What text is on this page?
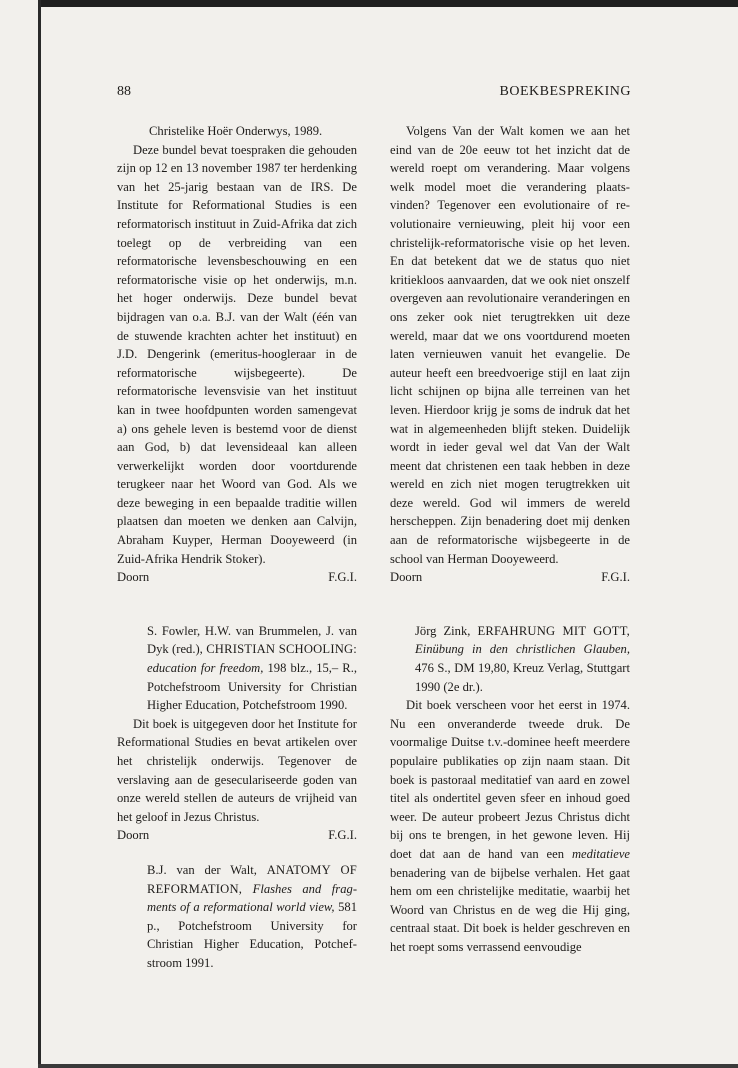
88	BOEKBESPREKING

Christelike Hoër Onderwys, 1989.

Deze bundel bevat toespraken die gehouden zijn op 12 en 13 november 1987 ter herdenking van het 25-jarig bestaan van de IRS. De Institute for Reformational Studies is een reformatorisch instituut in Zuid-Afrika dat zich toelegt op de verbreiding van een reformatorische levensbeschouwing en een reformatorische visie op het onderwijs, m.n. het hoger onderwijs. Deze bundel bevat bijdragen van o.a. B.J. van der Walt (één van de stuwende krachten achter het instituut) en J.D. Dengerink (emeritus-hoogleraar in de reformatorische wijsbegeerte). De reformatorische levensvisie van het instituut kan in twee hoofdpunten worden samengevat a) ons gehele leven is bestemd voor de dienst aan God, b) dat levensideaal kan alleen verwerkelijkt worden door voortdurende terugkeer naar het Woord van God. Als we deze beweging in een bepaalde traditie willen plaatsen dan moeten we denken aan Calvijn, Abraham Kuyper, Herman Dooyeweerd (in Zuid-Afrika Hendrik Stoker).

Doorn	F.G.I.

S. Fowler, H.W. van Brummelen, J. van Dyk (red.), CHRISTIAN SCHOOLING: education for freedom, 198 blz., 15,– R., Potchefstroom University for Christian Higher Education, Potchefstroom 1990.

Dit boek is uitgegeven door het Institute for Reformational Studies en bevat artikelen over het christelijk onderwijs. Tegenover de verslaving aan de geseculariseerde goden van onze wereld stellen de auteurs de vrijheid van het geloof in Jezus Christus.

Doorn	F.G.I.

B.J. van der Walt, ANATOMY OF REFORMATION, Flashes and fragments of a reformational world view, 581 p., Potchefstroom University for Christian Higher Education, Potchefstroom 1991.

Volgens Van der Walt komen we aan het eind van de 20e eeuw tot het inzicht dat de wereld roept om verandering. Maar volgens welk model moet die verandering plaatsvinden? Tegenover een evolutionaire of revolutionaire vernieuwing, pleit hij voor een christelijk-reformatorische visie op het leven. En dat betekent dat we de status quo niet kritiekloos aanvaarden, dat we ook niet onszelf overgeven aan revolutionaire veranderingen en ons zeker ook niet terugtrekken uit deze wereld, maar dat we ons voortdurend moeten laten vernieuwen vanuit het evangelie. De auteur heeft een breedvoerige stijl en laat zijn licht schijnen op bijna alle terreinen van het leven. Hierdoor krijg je soms de indruk dat het wat in algemeenheden blijft steken. Duidelijk wordt in ieder geval wel dat Van der Walt meent dat christenen een taak hebben in deze wereld en zich niet mogen terugtrekken uit deze wereld. God wil immers de wereld herscheppen. Zijn benadering doet mij denken aan de reformatorische wijsbegeerte in de school van Herman Dooyeweerd.

Doorn	F.G.I.

Jörg Zink, ERFAHRUNG MIT GOTT, Einübung in den christlichen Glauben, 476 S., DM 19,80, Kreuz Verlag, Stuttgart 1990 (2e dr.).

Dit boek verscheen voor het eerst in 1974. Nu een onveranderde tweede druk. De voormalige Duitse t.v.-dominee heeft meerdere populaire publikaties op zijn naam staan. Dit boek is pastoraal meditatief van aard en zowel titel als ondertitel geven sfeer en inhoud goed weer. De auteur probeert Jezus Christus dicht bij ons te brengen, in het gewone leven. Hij doet dat aan de hand van een meditatieve benadering van de bijbelse verhalen. Het gaat hem om een christelijke meditatie, waarbij het Woord van Christus en de weg die Hij ging, centraal staat. Dit boek is helder geschreven en het roept soms verrassend eenvoudige
